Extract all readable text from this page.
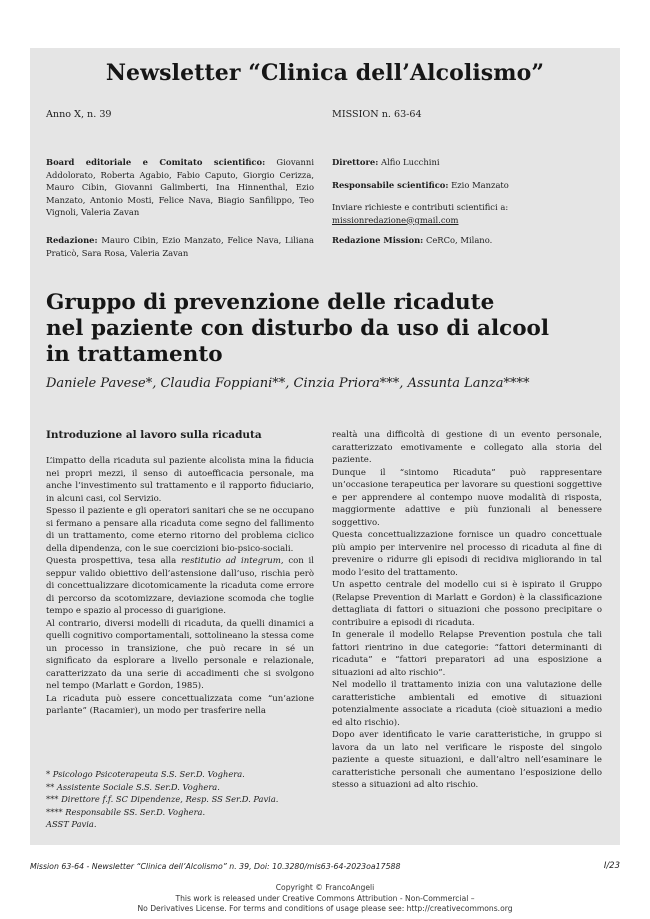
Newsletter “Clinica dell’Alcolismo”
Anno X, n. 39	MISSION n. 63-64
Board editoriale e Comitato scientifico: Giovanni Addolorato, Roberta Agabio, Fabio Caputo, Giorgio Cerizza, Mauro Cibin, Giovanni Galimberti, Ina Hinnenthal, Ezio Manzato, Antonio Mosti, Felice Nava, Biagio Sanfilippo, Teo Vignoli, Valeria Zavan
Redazione: Mauro Cibin, Ezio Manzato, Felice Nava, Liliana Praticò, Sara Rosa, Valeria Zavan
Direttore: Alfio Lucchini
Responsabile scientifico: Ezio Manzato
Inviare richieste e contributi scientifici a:
missionredazione@gmail.com
Redazione Mission: CeRCo, Milano.
Gruppo di prevenzione delle ricadute
nel paziente con disturbo da uso di alcool
in trattamento
Daniele Pavese*, Claudia Foppiani**, Cinzia Priora***, Assunta Lanza****
Introduzione al lavoro sulla ricaduta

L’impatto della ricaduta sul paziente alcolista mina la fiducia nei propri mezzi, il senso di autoefficacia personale, ma anche l’investimento sul trattamento e il rapporto fiduciario, in alcuni casi, col Servizio.

Spesso il paziente e gli operatori sanitari che se ne occupano si fermano a pensare alla ricaduta come segno del fallimento di un trattamento, come eterno ritorno del problema ciclico della dipendenza, con le sue coercizioni bio-psico-sociali.

Questa prospettiva, tesa alla restitutio ad integrum, con il seppur valido obiettivo dell’astensione dall’uso, rischia però di concettualizzare dicotomicamente la ricaduta come errore di percorso da scotomizzare, deviazione scomoda che toglie tempo e spazio al processo di guarigione.

Al contrario, diversi modelli di ricaduta, da quelli dinamici a quelli cognitivo comportamentali, sottolineano la stessa come un processo in transizione, che può recare in sé un significato da esplorare a livello personale e relazionale, caratterizzato da una serie di accadimenti che si svolgono nel tempo (Marlatt e Gordon, 1985).

La ricaduta può essere concettualizzata come “un’azione parlante” (Racamier), un modo per trasferire nella

* Psicologo Psicoterapeuta S.S. Ser.D. Voghera.
** Assistente Sociale S.S. Ser.D. Voghera.
*** Direttore f.f. SC Dipendenze, Resp. SS Ser.D. Pavia.
**** Responsabile SS. Ser.D. Voghera.
ASST Pavia.

realtà una difficoltà di gestione di un evento personale, caratterizzato emotivamente e collegato alla storia del paziente.

Dunque il “sintomo Ricaduta” può rappresentare un’occasione terapeutica per lavorare su questioni soggettive e per apprendere al contempo nuove modalità di risposta, maggiormente adattive e più funzionali al benessere soggettivo.

Questa concettualizzazione fornisce un quadro concettuale più ampio per intervenire nel processo di ricaduta al fine di prevenire o ridurre gli episodi di recidiva migliorando in tal modo l’esito del trattamento.

Un aspetto centrale del modello cui si è ispirato il Gruppo (Relapse Prevention di Marlatt e Gordon) è la classificazione dettagliata di fattori o situazioni che possono precipitare o contribuire a episodi di ricaduta.

In generale il modello Relapse Prevention postula che tali fattori rientrino in due categorie: “fattori determinanti di ricaduta” e “fattori preparatori ad una esposizione a situazioni ad alto rischio”.

Nel modello il trattamento inizia con una valutazione delle caratteristiche ambientali ed emotive di situazioni potenzialmente associate a ricaduta (cioè situazioni a medio ed alto rischio).

Dopo aver identificato le varie caratteristiche, in gruppo si lavora da un lato nel verificare le risposte del singolo paziente a queste situazioni, e dall’altro nell’esaminare le caratteristiche personali che aumentano l’esposizione dello stesso a situazioni ad alto rischio.

Mission 63-64 - Newsletter “Clinica dell’Alcolismo” n. 39, Doi: 10.3280/mis63-64-2023oa17588	I/23
Copyright © FrancoAngeli
This work is released under Creative Commons Attribution - Non-Commercial –
No Derivatives License. For terms and conditions of usage please see: http://creativecommons.org
